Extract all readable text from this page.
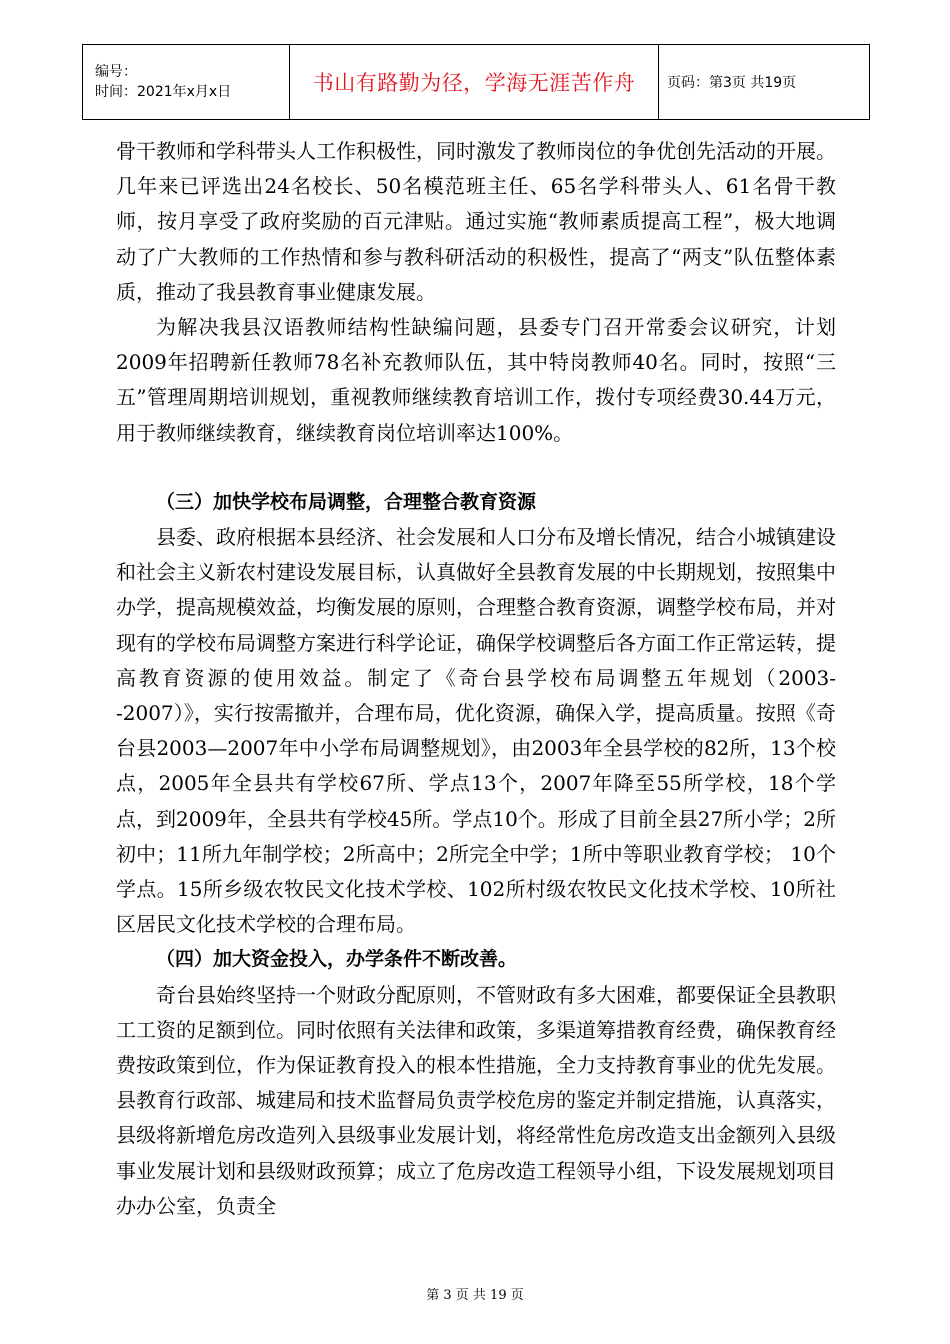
编号：
时间：2021年x月x日	书山有路勤为径，学海无涯苦作舟	页码：第3页 共19页

骨干教师和学科带头人工作积极性，同时激发了教师岗位的争优创先活动的开展。几年来已评选出24名校长、50名模范班主任、65名学科带头人、61名骨干教师，按月享受了政府奖励的百元津贴。通过实施“教师素质提高工程”，极大地调动了广大教师的工作热情和参与教科研活动的积极性，提高了“两支”队伍整体素质，推动了我县教育事业健康发展。

为解决我县汉语教师结构性缺编问题，县委专门召开常委会议研究，计划2009年招聘新任教师78名补充教师队伍，其中特岗教师40名。同时，按照“三五”管理周期培训规划，重视教师继续教育培训工作，拨付专项经费30.44万元，用于教师继续教育，继续教育岗位培训率达100%。

（三）加快学校布局调整，合理整合教育资源

县委、政府根据本县经济、社会发展和人口分布及增长情况，结合小城镇建设和社会主义新农村建设发展目标，认真做好全县教育发展的中长期规划，按照集中办学，提高规模效益，均衡发展的原则，合理整合教育资源，调整学校布局，并对现有的学校布局调整方案进行科学论证，确保学校调整后各方面工作正常运转，提高教育资源的使用效益。制定了《奇台县学校布局调整五年规划（2003--2007）》，实行按需撤并，合理布局，优化资源，确保入学，提高质量。按照《奇台县2003—2007年中小学布局调整规划》，由2003年全县学校的82所，13个校点，2005年全县共有学校67所、学点13个，2007年降至55所学校，18个学点，到2009年，全县共有学校45所。学点10个。形成了目前全县27所小学；2所初中；11所九年制学校；2所高中；2所完全中学；1所中等职业教育学校； 10个学点。15所乡级农牧民文化技术学校、102所村级农牧民文化技术学校、10所社区居民文化技术学校的合理布局。

（四）加大资金投入，办学条件不断改善。

奇台县始终坚持一个财政分配原则，不管财政有多大困难，都要保证全县教职工工资的足额到位。同时依照有关法律和政策，多渠道筹措教育经费，确保教育经费按政策到位，作为保证教育投入的根本性措施，全力支持教育事业的优先发展。县教育行政部、城建局和技术监督局负责学校危房的鉴定并制定措施，认真落实，县级将新增危房改造列入县级事业发展计划，将经常性危房改造支出金额列入县级事业发展计划和县级财政预算；成立了危房改造工程领导小组，下设发展规划项目办办公室，负责全

第 3 页 共 19 页
